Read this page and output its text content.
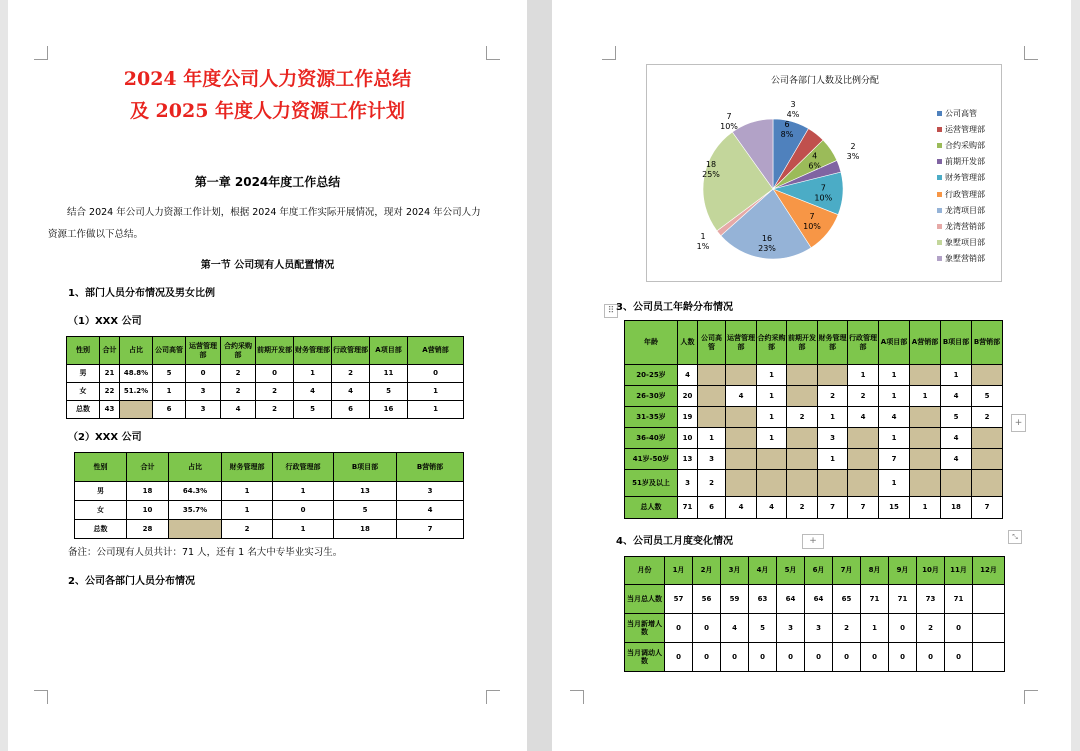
2024 年度公司人力资源工作总结
及 2025 年度人力资源工作计划
第一章 2024年度工作总结
结合 2024 年公司人力资源工作计划，根据 2024 年度工作实际开展情况，现对 2024 年公司人力资源工作做以下总结。
第一节 公司现有人员配置情况
1、部门人员分布情况及男女比例
（1）XXX 公司
性别	合计	占比	公司高管	运营管理部	合约采购部	前期开发部	财务管理部	行政管理部	A项目部	A营销部
男	21	48.8%	5	0	2	0	1	2	11	0
女	22	51.2%	1	3	2	2	4	4	5	1
总数	43		6	3	4	2	5	6	16	1
（2）XXX 公司
性别	合计	占比	财务管理部	行政管理部	B项目部	B营销部
男	18	64.3%	1	1	13	3
女	10	35.7%	1	0	5	4
总数	28		2	1	18	7
备注：公司现有人员共计：71 人，还有 1 名大中专毕业实习生。
2、公司各部门人员分布情况
公司各部门人数及比例分配
6
8%
3
4%
4
6%
2
3%
7
10%
7
10%
16
23%
1
1%
18
25%
7
10%
公司高管
运营管理部
合约采购部
前期开发部
财务管理部
行政管理部
龙湾项目部
龙湾营销部
象墅项目部
象墅营销部
⠿ 3、公司员工年龄分布情况
年龄	人数	公司高管	运营管理部	合约采购部	前期开发部	财务管理部	行政管理部	A项目部	A营销部	B项目部	B营销部
20-25岁	4			1			1	1		1	
26-30岁	20		4	1		2	2	1	1	4	5
31-35岁	19			1	2	1	4	4		5	2
36-40岁	10	1		1		3		1		4	
41岁-50岁	13	3				1		7		4	
51岁及以上	3	2						1			
总人数	71	6	4	4	2	7	7	15	1	18	7
+
⤡
4、公司员工月度变化情况	+
月份	1月	2月	3月	4月	5月	6月	7月	8月	9月	10月	11月	12月
当月总人数	57	56	59	63	64	64	65	71	71	73	71	
当月新增人数	0	0	4	5	3	3	2	1	0	2	0	
当月调动人数	0	0	0	0	0	0	0	0	0	0	0	
